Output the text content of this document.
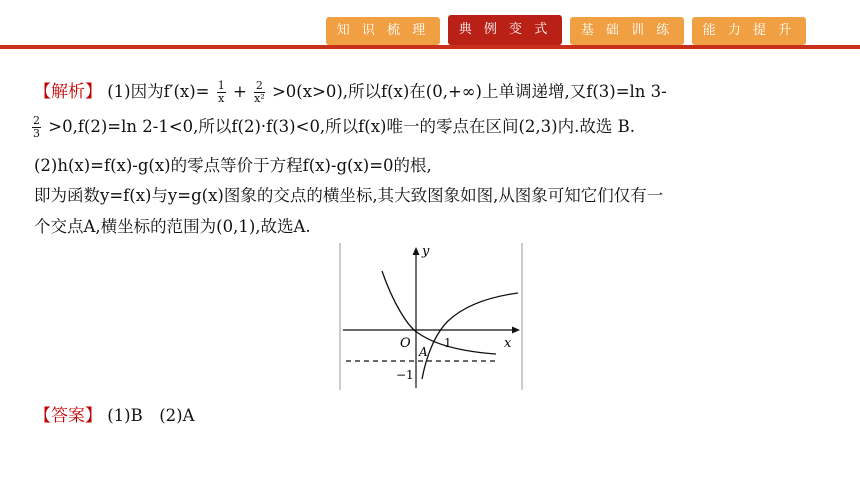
知 识 梳 理	典 例 变 式	基 础 训 练	能 力 提 升
【解析】 (1)因为$f'(x)= \frac{1}{x} + \frac{2}{\text{x²}} >0(x>0)$,所以f(x)在(0,+∞)上单调递增,又f(3)=ln 3-
$\frac{2}{3} >0,f(2)=\ln$ 2-1<0,所以f(2)·f(3)<0,所以f(x)唯一的零点在区间(2,3)内.故选 B.
(2)h(x)=f(x)-g(x)的零点等价于方程f(x)-g(x)=0的根,
即为函数y=f(x)与y=g(x)图象的交点的横坐标,其大致图象如图,从图象可知它们仅有一
个交点A,横坐标的范围为(0,1),故选A.
y
x
O
A
1
−1
【答案】 (1)B　(2)A
